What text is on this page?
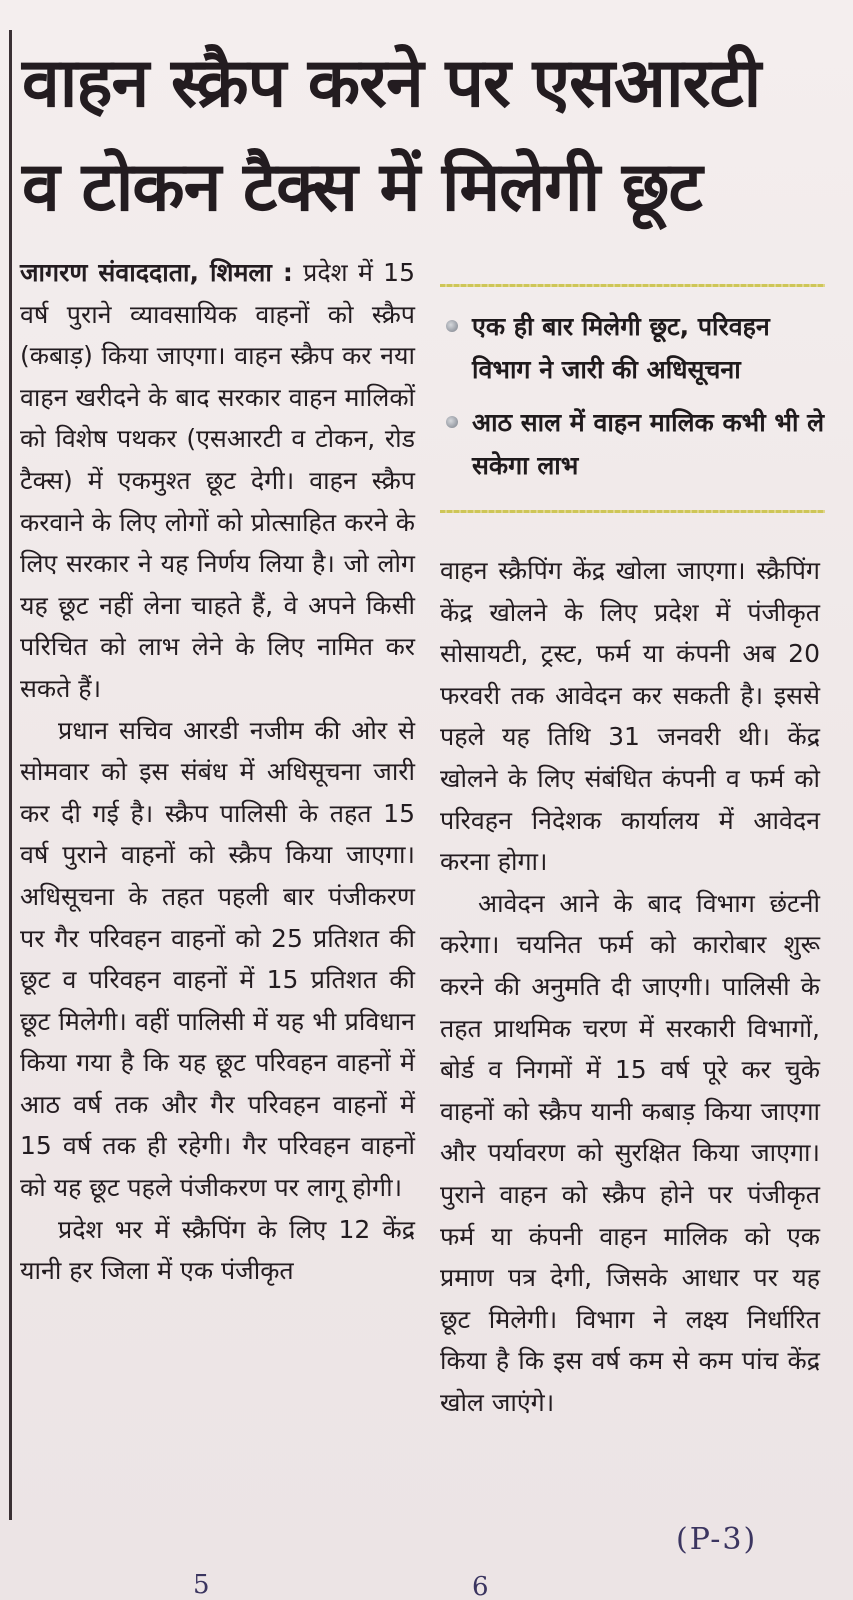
वाहन स्क्रैप करने पर एसआरटी
व टोकन टैक्स में मिलेगी छूट

जागरण संवाददाता, शिमला : प्रदेश में 15 वर्ष पुराने व्यावसायिक वाहनों को स्क्रैप (कबाड़) किया जाएगा। वाहन स्क्रैप कर नया वाहन खरीदने के बाद सरकार वाहन मालिकों को विशेष पथकर (एसआरटी व टोकन, रोड टैक्स) में एकमुश्त छूट देगी। वाहन स्क्रैप करवाने के लिए लोगों को प्रोत्साहित करने के लिए सरकार ने यह निर्णय लिया है। जो लोग यह छूट नहीं लेना चाहते हैं, वे अपने किसी परिचित को लाभ लेने के लिए नामित कर सकते हैं।

प्रधान सचिव आरडी नजीम की ओर से सोमवार को इस संबंध में अधिसूचना जारी कर दी गई है। स्क्रैप पालिसी के तहत 15 वर्ष पुराने वाहनों को स्क्रैप किया जाएगा। अधिसूचना के तहत पहली बार पंजीकरण पर गैर परिवहन वाहनों को 25 प्रतिशत की छूट व परिवहन वाहनों में 15 प्रतिशत की छूट मिलेगी। वहीं पालिसी में यह भी प्रविधान किया गया है कि यह छूट परिवहन वाहनों में आठ वर्ष तक और गैर परिवहन वाहनों में 15 वर्ष तक ही रहेगी। गैर परिवहन वाहनों को यह छूट पहले पंजीकरण पर लागू होगी।

प्रदेश भर में स्क्रैपिंग के लिए 12 केंद्र यानी हर जिला में एक पंजीकृत

एक ही बार मिलेगी छूट, परिवहन विभाग ने जारी की अधिसूचना
आठ साल में वाहन मालिक कभी भी ले सकेगा लाभ

वाहन स्क्रैपिंग केंद्र खोला जाएगा। स्क्रैपिंग केंद्र खोलने के लिए प्रदेश में पंजीकृत सोसायटी, ट्रस्ट, फर्म या कंपनी अब 20 फरवरी तक आवेदन कर सकती है। इससे पहले यह तिथि 31 जनवरी थी। केंद्र खोलने के लिए संबंधित कंपनी व फर्म को परिवहन निदेशक कार्यालय में आवेदन करना होगा।

आवेदन आने के बाद विभाग छंटनी करेगा। चयनित फर्म को कारोबार शुरू करने की अनुमति दी जाएगी। पालिसी के तहत प्राथमिक चरण में सरकारी विभागों, बोर्ड व निगमों में 15 वर्ष पूरे कर चुके वाहनों को स्क्रैप यानी कबाड़ किया जाएगा और पर्यावरण को सुरक्षित किया जाएगा। पुराने वाहन को स्क्रैप होने पर पंजीकृत फर्म या कंपनी वाहन मालिक को एक प्रमाण पत्र देगी, जिसके आधार पर यह छूट मिलेगी। विभाग ने लक्ष्य निर्धारित किया है कि इस वर्ष कम से कम पांच केंद्र खोल जाएंगे।

(P-3)
5	6
